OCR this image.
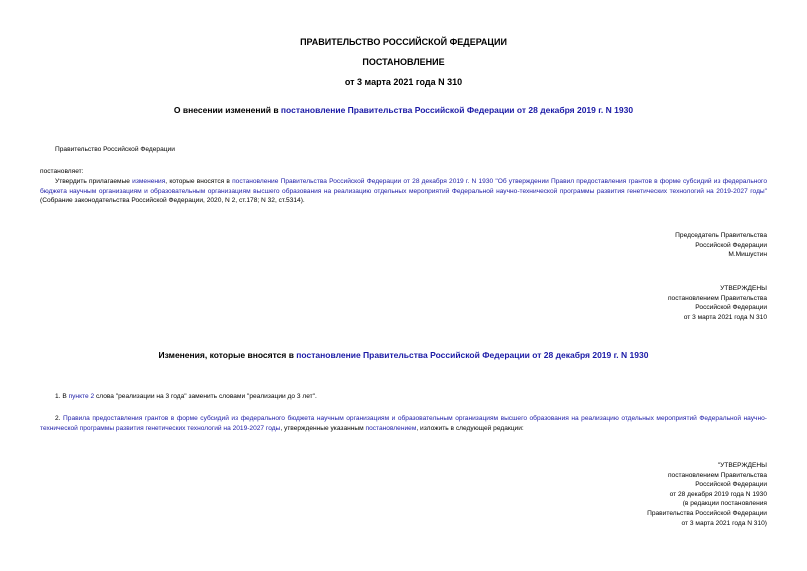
ПРАВИТЕЛЬСТВО РОССИЙСКОЙ ФЕДЕРАЦИИ
ПОСТАНОВЛЕНИЕ
от 3 марта 2021 года N 310
О внесении изменений в постановление Правительства Российской Федерации от 28 декабря 2019 г. N 1930
Правительство Российской Федерации
постановляет:
Утвердить прилагаемые изменения, которые вносятся в постановление Правительства Российской Федерации от 28 декабря 2019 г. N 1930 "Об утверждении Правил предоставления грантов в форме субсидий из федерального бюджета научным организациям и образовательным организациям высшего образования на реализацию отдельных мероприятий Федеральной научно-технической программы развития генетических технологий на 2019-2027 годы" (Собрание законодательства Российской Федерации, 2020, N 2, ст.178; N 32, ст.5314).
Председатель Правительства
Российской Федерации
М.Мишустин
УТВЕРЖДЕНЫ
постановлением Правительства
Российской Федерации
от 3 марта 2021 года N 310
Изменения, которые вносятся в постановление Правительства Российской Федерации от 28 декабря 2019 г. N 1930
1. В пункте 2 слова "реализации на 3 года" заменить словами "реализации до 3 лет".
2. Правила предоставления грантов в форме субсидий из федерального бюджета научным организациям и образовательным организациям высшего образования на реализацию отдельных мероприятий Федеральной научно-технической программы развития генетических технологий на 2019-2027 годы, утвержденные указанным постановлением, изложить в следующей редакции:
"УТВЕРЖДЕНЫ
постановлением Правительства
Российской Федерации
от 28 декабря 2019 года N 1930
(в редакции постановления
Правительства Российской Федерации
от 3 марта 2021 года N 310)
